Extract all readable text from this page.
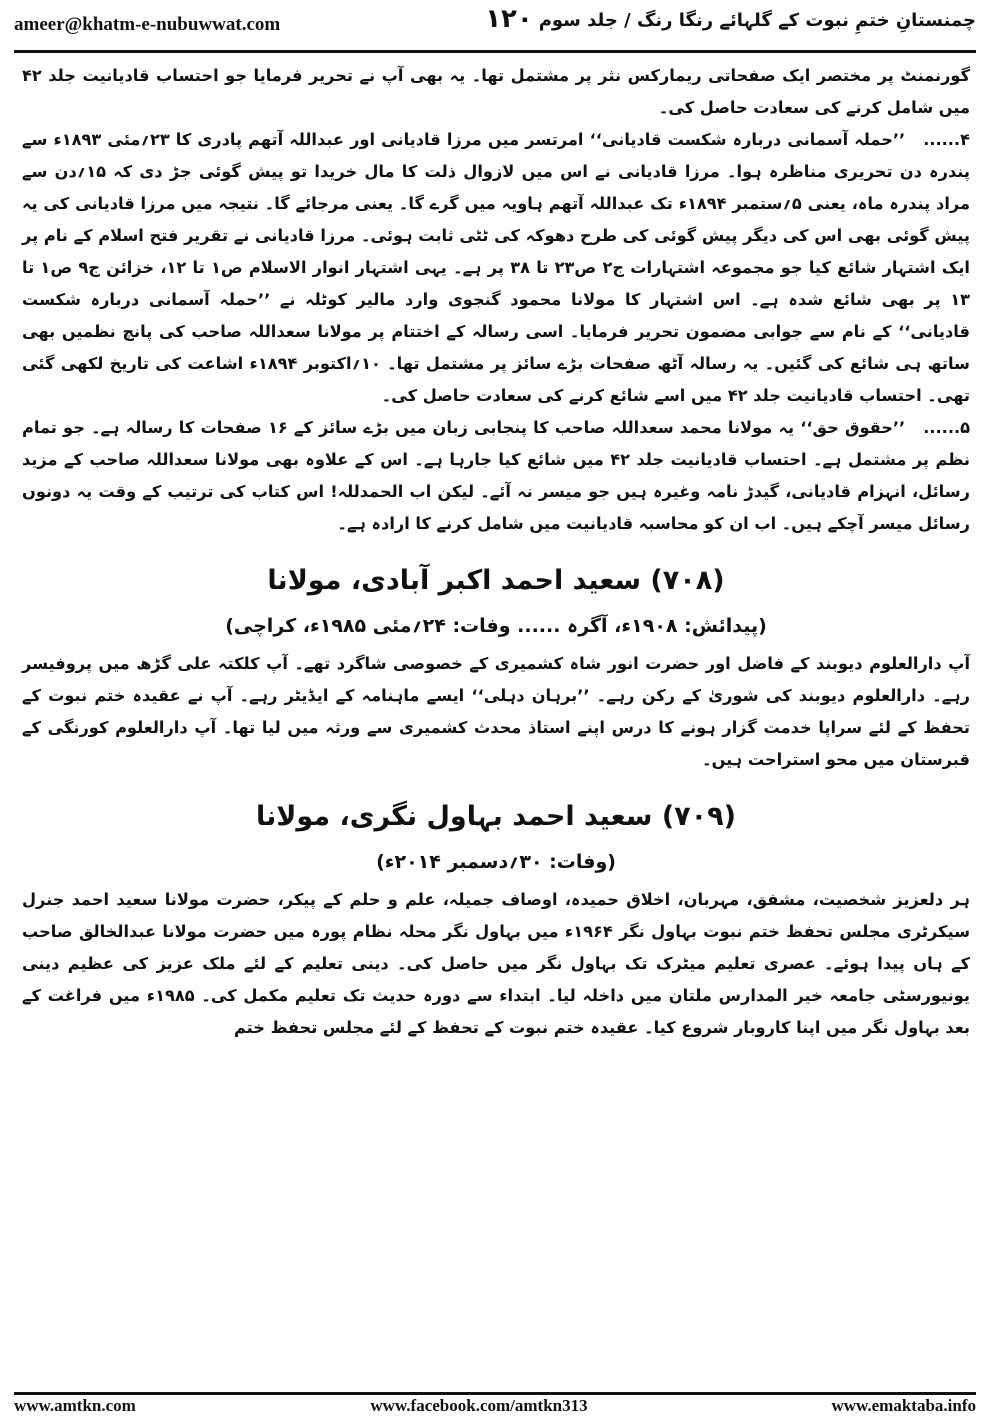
ameer@khatm-e-nubuwwat.com	۱۲۰ چمنستانِ ختمِ نبوت کے گلہائے رنگا رنگ / جلد سوم

گورنمنٹ پر مختصر ایک صفحاتی ریمارکس نثر پر مشتمل تھا۔ یہ بھی آپ نے تحریر فرمایا جو احتساب قادیانیت جلد ۴۲ میں شامل کرنے کی سعادت حاصل کی۔

۴......’’حملہ آسمانی دربارہ شکست قادیانی‘‘ امرتسر میں مرزا قادیانی اور عبداللہ آتھم پادری کا ۲۳؍مئی ۱۸۹۳ء سے پندرہ دن تحریری مناظرہ ہوا۔ مرزا قادیانی نے اس میں لازوال ذلت کا مال خریدا تو پیش گوئی جڑ دی کہ ۱۵؍دن سے مراد پندرہ ماہ، یعنی ۵؍ستمبر ۱۸۹۴ء تک عبداللہ آتھم ہاویہ میں گرے گا۔ یعنی مرجائے گا۔ نتیجہ میں مرزا قادیانی کی یہ پیش گوئی بھی اس کی دیگر پیش گوئی کی طرح دھوکہ کی ٹٹی ثابت ہوئی۔ مرزا قادیانی نے تقریر فتح اسلام کے نام پر ایک اشتہار شائع کیا جو مجموعہ اشتہارات ج۲ ص۲۳ تا ۳۸ پر ہے۔ یہی اشتہار انوار الاسلام ص۱ تا ۱۲، خزائن ج۹ ص۱ تا ۱۳ پر بھی شائع شدہ ہے۔ اس اشتہار کا مولانا محمود گنجوی وارد مالیر کوٹلہ نے ’’حملہ آسمانی دربارہ شکست قادیانی‘‘ کے نام سے جوابی مضمون تحریر فرمایا۔ اسی رسالہ کے اختتام پر مولانا سعداللہ صاحب کی پانچ نظمیں بھی ساتھ ہی شائع کی گئیں۔ یہ رسالہ آٹھ صفحات بڑے سائز پر مشتمل تھا۔ ۱۰؍اکتوبر ۱۸۹۴ء اشاعت کی تاریخ لکھی گئی تھی۔ احتساب قادیانیت جلد ۴۲ میں اسے شائع کرنے کی سعادت حاصل کی۔

۵......’’حقوق حق‘‘ یہ مولانا محمد سعداللہ صاحب کا پنجابی زبان میں بڑے سائز کے ۱۶ صفحات کا رسالہ ہے۔ جو تمام نظم پر مشتمل ہے۔ احتساب قادیانیت جلد ۴۲ میں شائع کیا جارہا ہے۔ اس کے علاوہ بھی مولانا سعداللہ صاحب کے مزید رسائل، انہزام قادیانی، گیدڑ نامہ وغیرہ ہیں جو میسر نہ آئے۔ لیکن اب الحمدللہ! اس کتاب کی ترتیب کے وقت یہ دونوں رسائل میسر آچکے ہیں۔ اب ان کو محاسبہ قادیانیت میں شامل کرنے کا ارادہ ہے۔

(۷۰۸) سعید احمد اکبر آبادی، مولانا
(پیدائش: ۱۹۰۸ء، آگرہ ...... وفات: ۲۴؍مئی ۱۹۸۵ء، کراچی)

آپ دارالعلوم دیوبند کے فاضل اور حضرت انور شاہ کشمیری کے خصوصی شاگرد تھے۔ آپ کلکتہ علی گڑھ میں پروفیسر رہے۔ دارالعلوم دیوبند کی شوریٰ کے رکن رہے۔ ’’برہان دہلی‘‘ ایسے ماہنامہ کے ایڈیٹر رہے۔ آپ نے عقیدہ ختم نبوت کے تحفظ کے لئے سراپا خدمت گزار ہونے کا درس اپنے استاذ محدث کشمیری سے ورثہ میں لیا تھا۔ آپ دارالعلوم کورنگی کے قبرستان میں محو استراحت ہیں۔

(۷۰۹) سعید احمد بہاول نگری، مولانا
(وفات: ۳۰؍دسمبر ۲۰۱۴ء)

ہر دلعزیز شخصیت، مشفق، مہربان، اخلاق حمیدہ، اوصاف جمیلہ، علم و حلم کے پیکر، حضرت مولانا سعید احمد جنرل سیکرٹری مجلس تحفظ ختم نبوت بہاول نگر ۱۹۶۴ء میں بہاول نگر محلہ نظام پورہ میں حضرت مولانا عبدالخالق صاحب کے ہاں پیدا ہوئے۔ عصری تعلیم میٹرک تک بہاول نگر میں حاصل کی۔ دینی تعلیم کے لئے ملک عزیز کی عظیم دینی یونیورسٹی جامعہ خیر المدارس ملتان میں داخلہ لیا۔ ابتداء سے دورہ حدیث تک تعلیم مکمل کی۔ ۱۹۸۵ء میں فراغت کے بعد بہاول نگر میں اپنا کاروبار شروع کیا۔ عقیدہ ختم نبوت کے تحفظ کے لئے مجلس تحفظ ختم

www.amtkn.com	www.facebook.com/amtkn313	www.emaktaba.info
